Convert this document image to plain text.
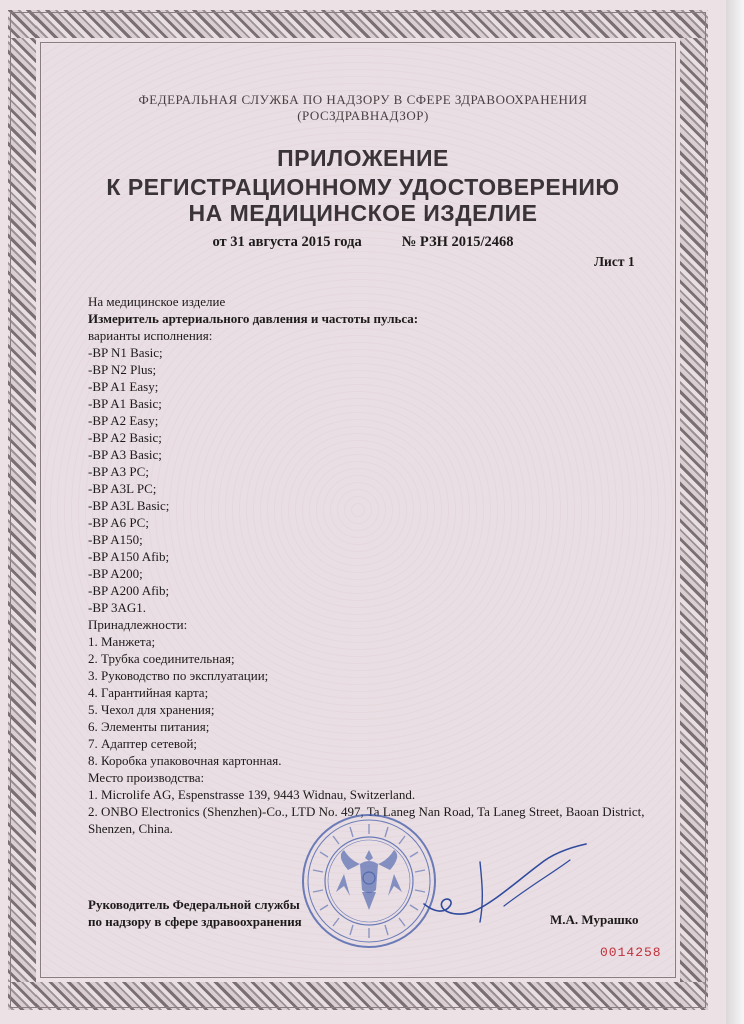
ФЕДЕРАЛЬНАЯ СЛУЖБА ПО НАДЗОРУ В СФЕРЕ ЗДРАВООХРАНЕНИЯ
(РОСЗДРАВНАДЗОР)
ПРИЛОЖЕНИЕ
К РЕГИСТРАЦИОННОМУ УДОСТОВЕРЕНИЮ
НА МЕДИЦИНСКОЕ ИЗДЕЛИЕ
от 31 августа 2015 года	№ РЗН 2015/2468
Лист 1
На медицинское изделие
Измеритель артериального давления и частоты пульса:
варианты исполнения:
-BP N1 Basic;
-BP N2 Plus;
-BP A1 Easy;
-BP A1 Basic;
-BP A2 Easy;
-BP A2 Basic;
-BP A3 Basic;
-BP A3 PC;
-BP A3L PC;
-BP A3L Basic;
-BP A6 PC;
-BP A150;
-BP A150 Afib;
-BP A200;
-BP A200 Afib;
-BP 3AG1.
Принадлежности:
1. Манжета;
2. Трубка соединительная;
3. Руководство по эксплуатации;
4. Гарантийная карта;
5. Чехол для хранения;
6. Элементы питания;
7. Адаптер сетевой;
8. Коробка упаковочная картонная.
Место производства:
1. Microlife AG, Espenstrasse 139, 9443 Widnau, Switzerland.
2. ONBO Electronics (Shenzhen)-Co., LTD No. 497, Ta Laneg Nan Road, Ta Laneg Street, Baoan District, Shenzen, China.
Руководитель Федеральной службы
по надзору в сфере здравоохранения	М.А. Мурашко
0014258
